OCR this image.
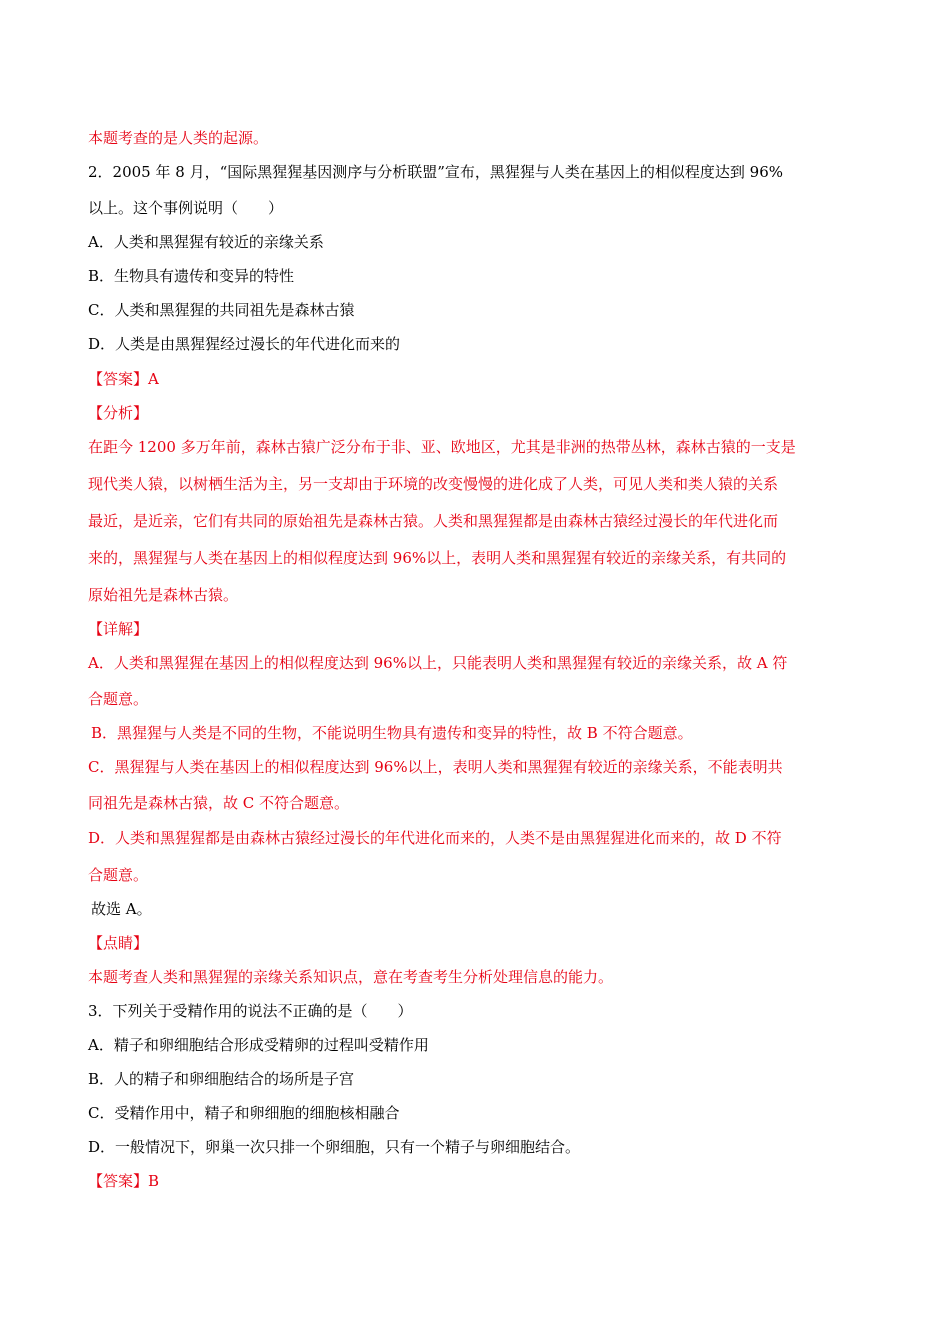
本题考查的是人类的起源。
2．2005 年 8 月，“国际黑猩猩基因测序与分析联盟”宣布，黑猩猩与人类在基因上的相似程度达到 96%
以上。这个事例说明（　　）
A．人类和黑猩猩有较近的亲缘关系
B．生物具有遗传和变异的特性
C．人类和黑猩猩的共同祖先是森林古猿
D．人类是由黑猩猩经过漫长的年代进化而来的
【答案】A
【分析】
在距今 1200 多万年前，森林古猿广泛分布于非、亚、欧地区，尤其是非洲的热带丛林，森林古猿的一支是
现代类人猿，以树栖生活为主，另一支却由于环境的改变慢慢的进化成了人类，可见人类和类人猿的关系
最近，是近亲，它们有共同的原始祖先是森林古猿。人类和黑猩猩都是由森林古猿经过漫长的年代进化而
来的，黑猩猩与人类在基因上的相似程度达到 96%以上，表明人类和黑猩猩有较近的亲缘关系，有共同的
原始祖先是森林古猿。
【详解】
A．人类和黑猩猩在基因上的相似程度达到 96%以上，只能表明人类和黑猩猩有较近的亲缘关系，故 A 符
合题意。
B．黑猩猩与人类是不同的生物，不能说明生物具有遗传和变异的特性，故 B 不符合题意。
C．黑猩猩与人类在基因上的相似程度达到 96%以上，表明人类和黑猩猩有较近的亲缘关系，不能表明共
同祖先是森林古猿，故 C 不符合题意。
D．人类和黑猩猩都是由森林古猿经过漫长的年代进化而来的，人类不是由黑猩猩进化而来的，故 D 不符
合题意。
故选 A。
【点睛】
本题考查人类和黑猩猩的亲缘关系知识点，意在考查考生分析处理信息的能力。
3．下列关于受精作用的说法不正确的是（　　）
A．精子和卵细胞结合形成受精卵的过程叫受精作用
B．人的精子和卵细胞结合的场所是子宫
C．受精作用中，精子和卵细胞的细胞核相融合
D．一般情况下，卵巢一次只排一个卵细胞，只有一个精子与卵细胞结合。
【答案】B
